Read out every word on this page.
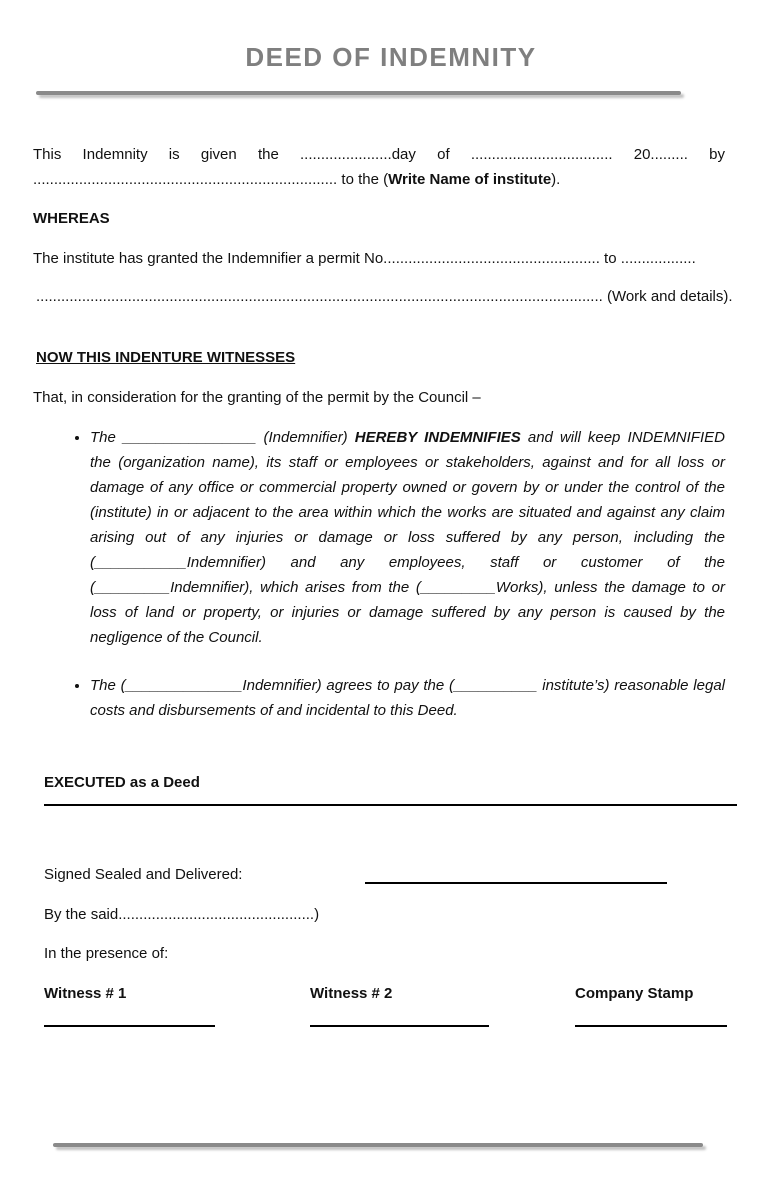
DEED OF INDEMNITY
This Indemnity is given the ......................day of .................................. 20......... by
......................................................................... to the (Write Name of institute).
WHEREAS
The institute has granted the Indemnifier a permit No.................................................... to ..................
........................................................................................................................................ (Work and details).
NOW THIS INDENTURE WITNESSES
That, in consideration for the granting of the permit by the Council –
• The ________________ (Indemnifier) HEREBY INDEMNIFIES and will keep INDEMNIFIED the (organization name), its staff or employees or stakeholders, against and for all loss or damage of any office or commercial property owned or govern by or under the control of the (institute) in or adjacent to the area within which the works are situated and against any claim arising out of any injuries or damage or loss suffered by any person, including the (___________Indemnifier) and any employees, staff or customer of the (_________Indemnifier), which arises from the (_________Works), unless the damage to or loss of land or property, or injuries or damage suffered by any person is caused by the negligence of the Council.
• The (______________Indemnifier) agrees to pay the (__________ institute’s) reasonable legal costs and disbursements of and incidental to this Deed.
EXECUTED as a Deed
Signed Sealed and Delivered:
By the said...............................................)
In the presence of:
Witness # 1	Witness # 2	Company Stamp
